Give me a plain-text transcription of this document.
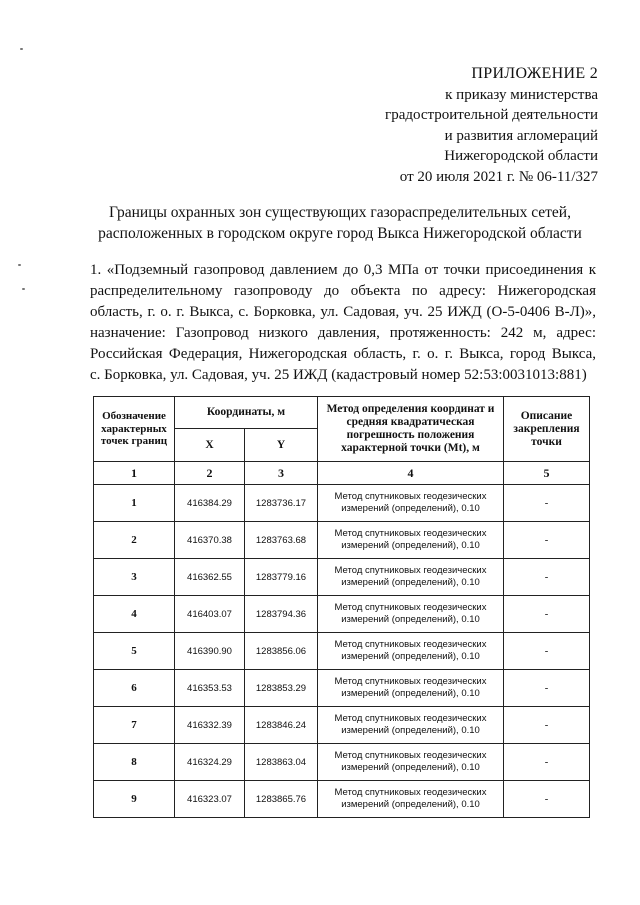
ПРИЛОЖЕНИЕ 2
к приказу министерства
градостроительной деятельности
и развития агломераций
Нижегородской области
от 20 июля 2021 г. № 06-11/327
Границы охранных зон существующих газораспределительных сетей,
расположенных в городском округе город Выкса Нижегородской области
1. «Подземный газопровод давлением до 0,3 МПа от точки присоединения к
распределительному газопроводу до объекта по адресу: Нижегородская
область, г. о. г. Выкса, с. Борковка, ул. Садовая, уч. 25 ИЖД (О-5-0406 В-Л)»,
назначение: Газопровод низкого давления, протяженность: 242 м, адрес:
Российская Федерация, Нижегородская область, г. о. г. Выкса, город Выкса,
с. Борковка, ул. Садовая, уч. 25 ИЖД (кадастровый номер 52:53:0031013:881)
Обозначение характерных точек границ	Координаты, м		Метод определения координат и средняя квадратическая погрешность положения характерной точки (Mt), м	Описание закрепления точки
	X	Y		
1	2	3	4	5
1	416384.29	1283736.17	Метод спутниковых геодезических измерений (определений), 0.10	-
2	416370.38	1283763.68	Метод спутниковых геодезических измерений (определений), 0.10	-
3	416362.55	1283779.16	Метод спутниковых геодезических измерений (определений), 0.10	-
4	416403.07	1283794.36	Метод спутниковых геодезических измерений (определений), 0.10	-
5	416390.90	1283856.06	Метод спутниковых геодезических измерений (определений), 0.10	-
6	416353.53	1283853.29	Метод спутниковых геодезических измерений (определений), 0.10	-
7	416332.39	1283846.24	Метод спутниковых геодезических измерений (определений), 0.10	-
8	416324.29	1283863.04	Метод спутниковых геодезических измерений (определений), 0.10	-
9	416323.07	1283865.76	Метод спутниковых геодезических измерений (определений), 0.10	-
